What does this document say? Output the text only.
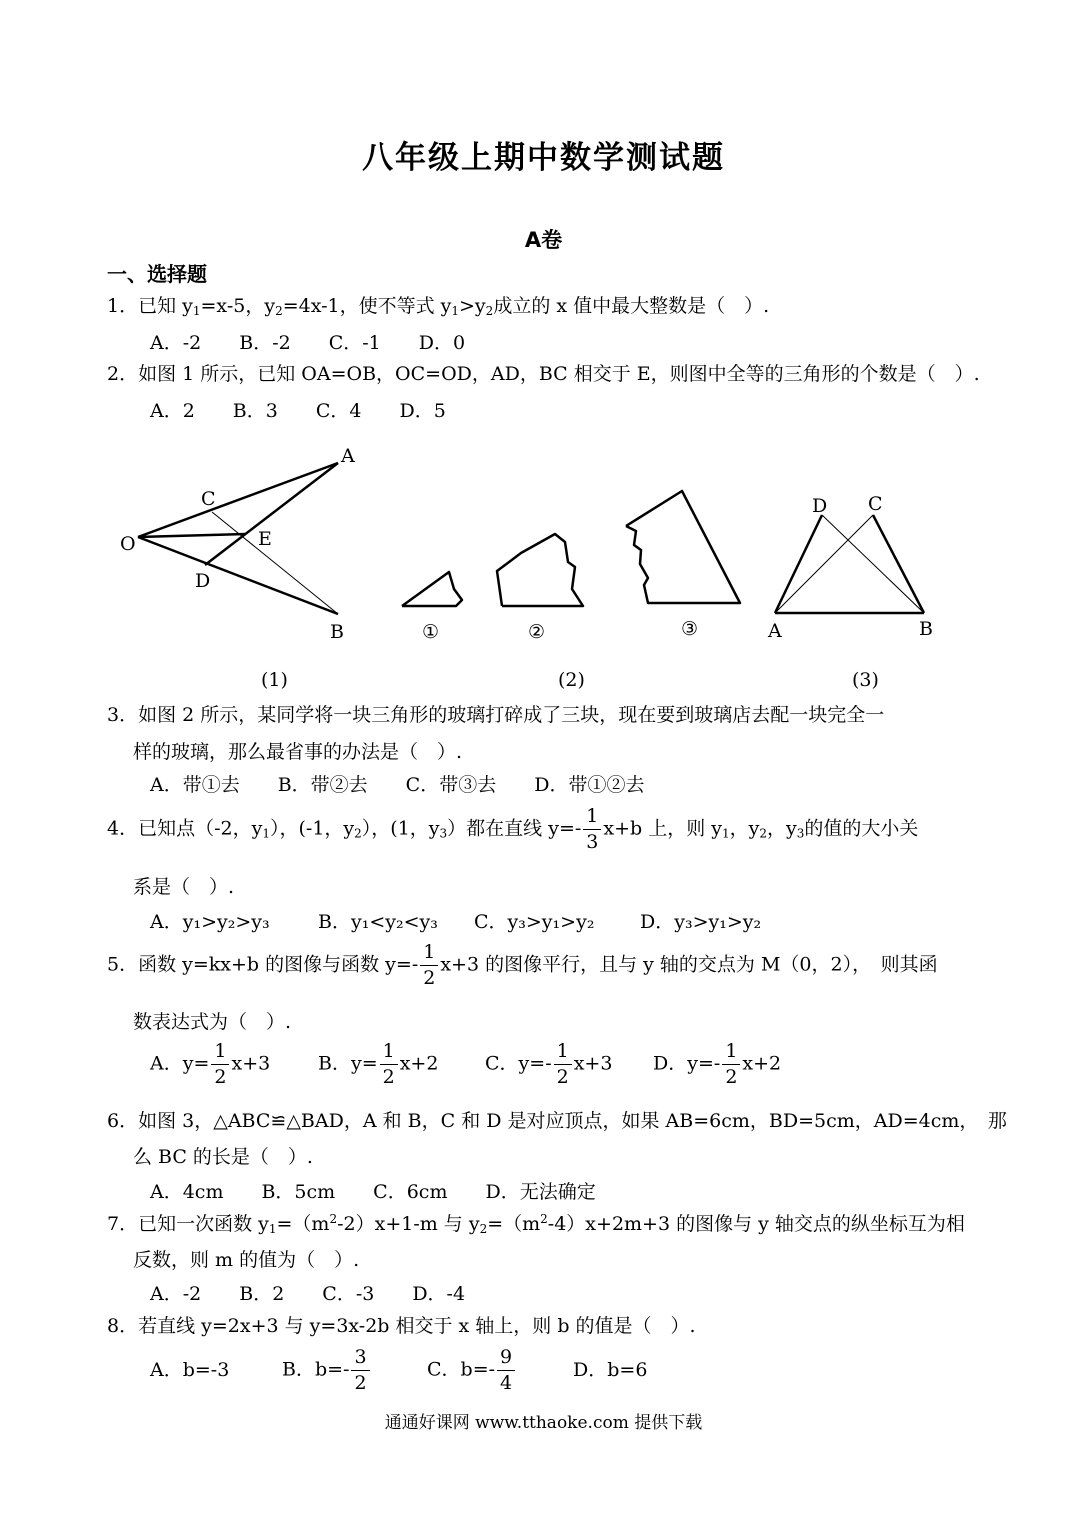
八年级上期中数学测试题
A卷
一、选择题
1．已知 $y_1=x-5$，$y_2=4x-1$，使不等式 $y_1>y_2$成立的 x 值中最大整数是（　）.
A．-2　　B．-2　　C．-1　　D．0
2．如图 1 所示，已知 OA=OB，OC=OD，AD，BC 相交于 E，则图中全等的三角形的个数是（　）.
A．2　　B．3　　C．4　　D．5
A
B
C
D
E
O
①	②	③	A	B
C
D
(1)	(2)	(3)
3．如图 2 所示，某同学将一块三角形的玻璃打碎成了三块，现在要到玻璃店去配一块完全一
样的玻璃，那么最省事的办法是（　）.
A．带①去　　B．带②去　　C．带③去　　D．带①②去
4．已知点（-2，$y_1$），(-1，$y_2$），(1，$y_3$）都在直线 $y=- \frac{1}{3} x+b$ 上，则 $y_1$，$y_2$，$y_3$的值的大小关
系是（　）.
A．y₁>y₂>y₃	B．y₁<y₂<y₃ C．y₃>y₁>y₂ D．y₃>y₁>y₂
5．函数 y=kx+b 的图像与函数 $y=- \frac{1}{2} x+3$ 的图像平行，且与 y 轴的交点为 M（0，2），　则其函
数表达式为（　）.
A．$y= \frac{1}{2} x+3$	B．$y= \frac{1}{2} x+2$ C．$y=- \frac{1}{2} x+3$ D．$y=- \frac{1}{2} x+2$
6．如图 3，△ABC≌△BAD，A 和 B，C 和 D 是对应顶点，如果 AB=6cm，BD=5cm，AD=4cm，　那
么 BC 的长是（　）.
A．4cm　　B．5cm　　C．6cm　　D．无法确定
7．已知一次函数 $y_1=(m^2-2)x+1-m$ 与 $y_2=(m^2-4)x+2m+3$ 的图像与 y 轴交点的纵坐标互为相
反数，则 m 的值为（　）.
A．-2　　B．2　　C．-3　　D．-4
8．若直线 y=2x+3 与 y=3x-2b 相交于 x 轴上，则 b 的值是（　）.
A．b=-3	B．$b=- \frac{3}{2}$	C．$b=- \frac{9}{4}$	D．b=6
通通好课网 www.tthaoke.com 提供下载
